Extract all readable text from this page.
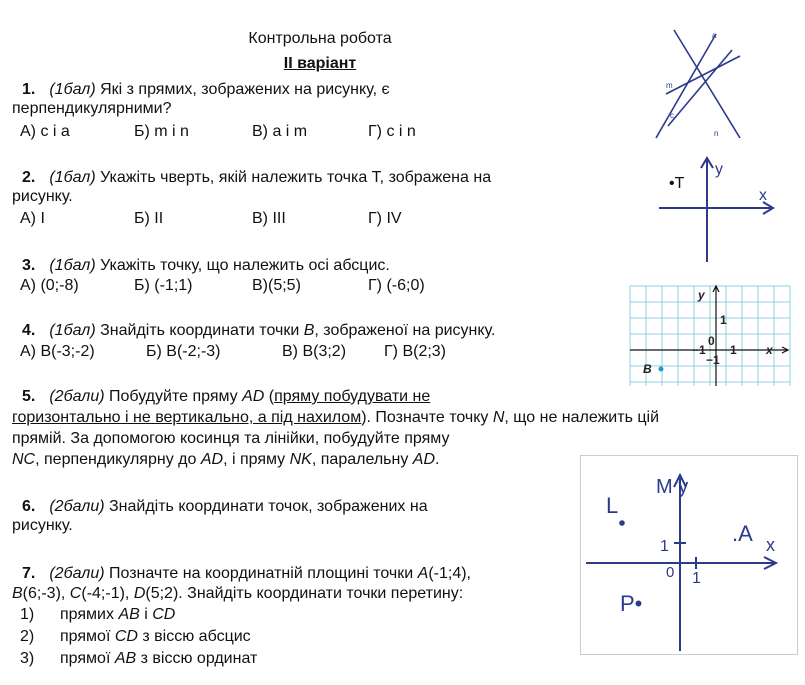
Контрольна робота
ІІ варіант
1. (1бал) Які з прямих, зображених на рисунку, є
перпендикулярними?
А) c і a	Б) m і n	В) a і m	Г) c і n
2. (1бал) Укажіть чверть, якій належить точка T, зображена на
рисунку.
А) І	Б) ІІ	В) ІІІ	Г) IV
3. (1бал) Укажіть точку, що належить осі абсцис.
А) (0;-8)	Б) (-1;1)	В)(5;5)	Г) (-6;0)
4. (1бал) Знайдіть координати точки B, зображеної на рисунку.
А) B(-3;-2)	Б) B(-2;-3)	В) B(3;2) Г) B(2;3)
5. (2бали) Побудуйте пряму AD (пряму побудувати не
горизонтально і не вертикально, а під нахилом). Позначте точку N, що не належить цій
прямій. За допомогою косинця та лінійки, побудуйте пряму
NC, перпендикулярну до AD, і пряму NK, паралельну AD.
6. (2бали) Знайдіть координати точок, зображених на
рисунку.
7. (2бали) Позначте на координатній площині точки A(-1;4),
B(6;-3), C(-4;-1), D(5;2). Знайдіть координати точки перетину:
1) прямих AB і CD
2) прямої CD з віссю абсцис
3) прямої AB з віссю ординат
a
m
c
n
•T
y
x
y
x
1
1
−1
−1
0
B
M y
x
1
1
0
.A
L
P•
